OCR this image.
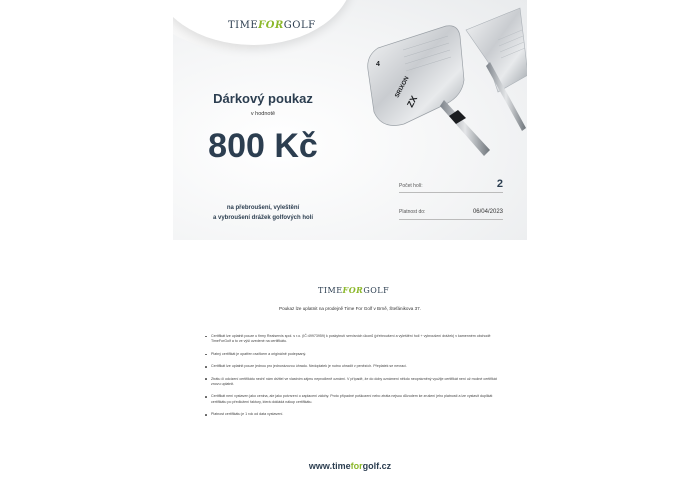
TIME FOR GOLF
SRIXON
ZX
4
Dárkový poukaz
v hodnotě
800 Kč
na přebroušení, vyleštění
a vybroušení drážek golfových holí
Počet holí:	2
Platnost do:	06/04/2023
TIME FOR GOLF
Poukaz lze uplatnit na prodejně Time For Golf v Brně, Štefánikova 37.
Certifikát lze uplatnit pouze u firmy Realservis spol. s r.o. (IČ:49973959) k poskytnutí servisních úkonů (přebroušení a vyleštění holí + vybroušení drážek) v kamenném obchodě TimeForGolf a to ve výši uvedené na certifikátu.
Platný certifikát je opatřen razítkem a originálně podepsaný.
Certifikát lze uplatnit pouze jednou pro jednorázovou úhradu. Nedoplatek je nutno uhradit v penězích. Přeplatek se nevrací.
Ztrátu či odcizení certifikátu nechť nám držitel ve vlastním zájmu neprodleně oznámí. V případě, že do doby oznámení někdo neoprávněný využije certifikát není už možné certifikát znovu uplatnit.
Certifikát není vystaven jako cenina, ale jako potvrzení o zaplacení zálohy. Proto případné poškození nebo ztráta nejsou důvodem ke zrušení jeho platnosti a lze vystavit duplikát certifikátu po předložení faktury, která dokládá nákup certifikátu.
Platnost certifikátu je 1 rok od data vystavení.
www.timeforgolf.cz
